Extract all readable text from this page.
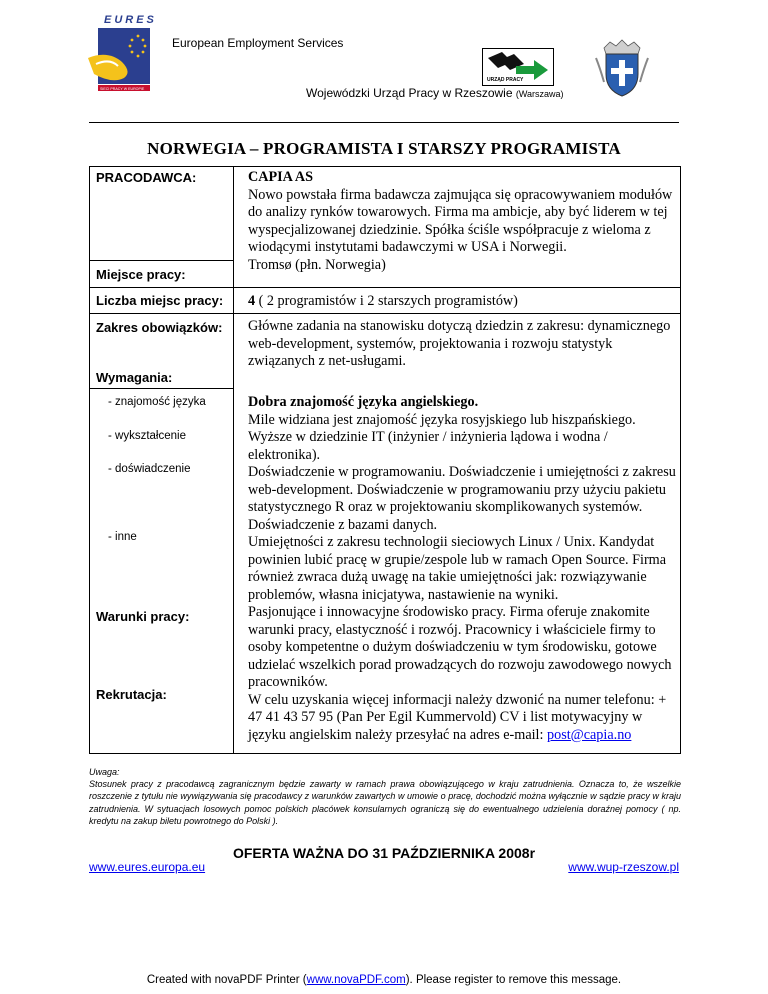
EURES
SIECI PRACY W EUROPIE
European Employment Services
URZĄD PRACY
Wojewódzki Urząd Pracy w Rzeszowie (Warszawa)
NORWEGIA – PROGRAMISTA I STARSZY PROGRAMISTA
PRACODAWCA:
Miejsce pracy:
Liczba miejsc pracy:
Zakres obowiązków:
Wymagania:
- znajomość języka
- wykształcenie
- doświadczenie
- inne
Warunki pracy:
Rekrutacja:

CAPIA AS

Nowo powstała firma badawcza zajmująca się opracowywaniem modułów do analizy rynków towarowych. Firma ma ambicje, aby być liderem w tej wyspecjalizowanej dziedzinie. Spółka ściśle współpracuje z wieloma z wiodącymi instytutami badawczymi w USA i Norwegii.

Tromsø (płn. Norwegia)

4 ( 2 programistów i 2 starszych programistów)
Główne zadania na stanowisku dotyczą dziedzin z zakresu: dynamicznego web-development, systemów, projektowania i rozwoju statystyk związanych z net-usługami.

Dobra znajomość języka angielskiego.

Mile widziana jest znajomość języka rosyjskiego lub hiszpańskiego.

Wyższe w dziedzinie IT (inżynier / inżynieria lądowa i wodna / elektronika).

Doświadczenie w programowaniu. Doświadczenie i umiejętności z zakresu web-development. Doświadczenie w programowaniu przy użyciu pakietu statystycznego R oraz w projektowaniu skomplikowanych systemów. Doświadczenie z bazami danych.

Umiejętności z zakresu technologii sieciowych Linux / Unix. Kandydat powinien lubić pracę w grupie/zespole lub w ramach Open Source. Firma również zwraca dużą uwagę na takie umiejętności jak: rozwiązywanie problemów, własna inicjatywa, nastawienie na wyniki.

Pasjonujące i innowacyjne środowisko pracy. Firma oferuje znakomite warunki pracy, elastyczność i rozwój. Pracownicy i właściciele firmy to osoby kompetentne o dużym doświadczeniu w tym środowisku, gotowe udzielać wszelkich porad prowadzących do rozwoju zawodowego nowych pracowników.

W celu uzyskania więcej informacji należy dzwonić na numer telefonu: + 47 41 43 57 95 (Pan Per Egil Kummervold) CV i list motywacyjny w języku angielskim należy przesyłać na adres e-mail: post@capia.no

Uwaga:
Stosunek pracy z pracodawcą zagranicznym będzie zawarty w ramach prawa obowiązującego w kraju zatrudnienia. Oznacza to, że wszelkie roszczenie z tytułu nie wywiązywania się pracodawcy z warunków zawartych w umowie o pracę, dochodzić można wyłącznie w sądzie pracy w kraju zatrudnienia. W sytuacjach losowych pomoc polskich placówek konsularnych ograniczą się do ewentualnego udzielenia doraźnej pomocy ( np. kredytu na zakup biletu powrotnego do Polski ).
OFERTA WAŻNA DO 31 PAŹDZIERNIKA 2008r
www.eures.europa.eu	www.wup-rzeszow.pl
Created with novaPDF Printer (www.novaPDF.com). Please register to remove this message.
